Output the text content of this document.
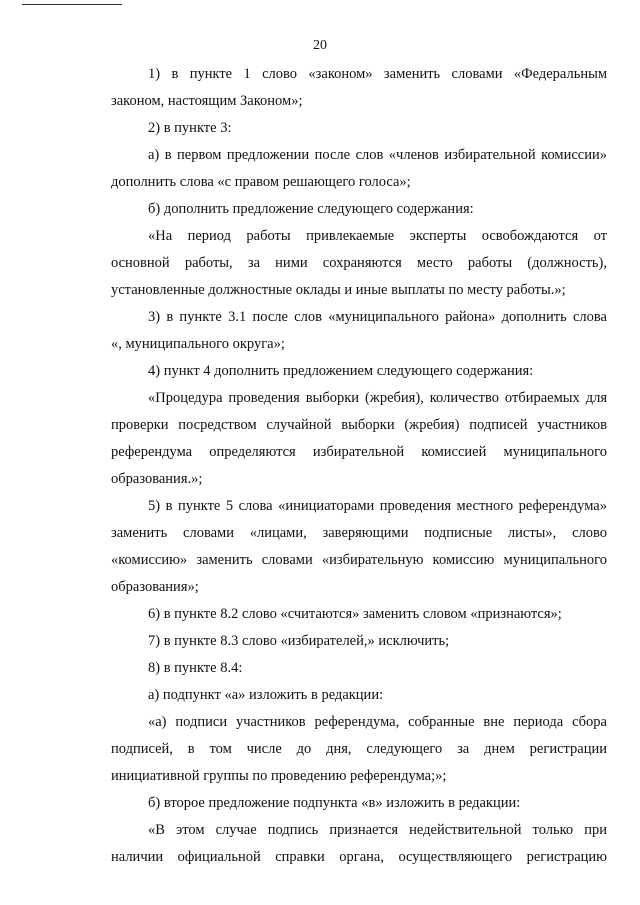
20

1) в пункте 1 слово «законом» заменить словами «Федеральным
законом, настоящим Законом»;

2) в пункте 3:

а) в первом предложении после слов «членов избирательной комиссии»
дополнить слова «с правом решающего голоса»;

б) дополнить предложение следующего содержания:

«На период работы привлекаемые эксперты освобождаются от
основной работы, за ними сохраняются место работы (должность),
установленные должностные оклады и иные выплаты по месту работы.»;

3) в пункте 3.1 после слов «муниципального района» дополнить слова
«, муниципального округа»;

4) пункт 4 дополнить предложением следующего содержания:

«Процедура проведения выборки (жребия), количество отбираемых для
проверки посредством случайной выборки (жребия) подписей участников
референдума определяются избирательной комиссией муниципального
образования.»;

5) в пункте 5 слова «инициаторами проведения местного референдума»
заменить словами «лицами, заверяющими подписные листы», слово
«комиссию» заменить словами «избирательную комиссию муниципального
образования»;

6) в пункте 8.2 слово «считаются» заменить словом «признаются»;

7) в пункте 8.3 слово «избирателей,» исключить;

8) в пункте 8.4:

а) подпункт «а» изложить в редакции:

«а) подписи участников референдума, собранные вне периода сбора
подписей, в том числе до дня, следующего за днем регистрации
инициативной группы по проведению референдума;»;

б) второе предложение подпункта «в» изложить в редакции:

«В этом случае подпись признается недействительной только при
наличии официальной справки органа, осуществляющего регистрацию
